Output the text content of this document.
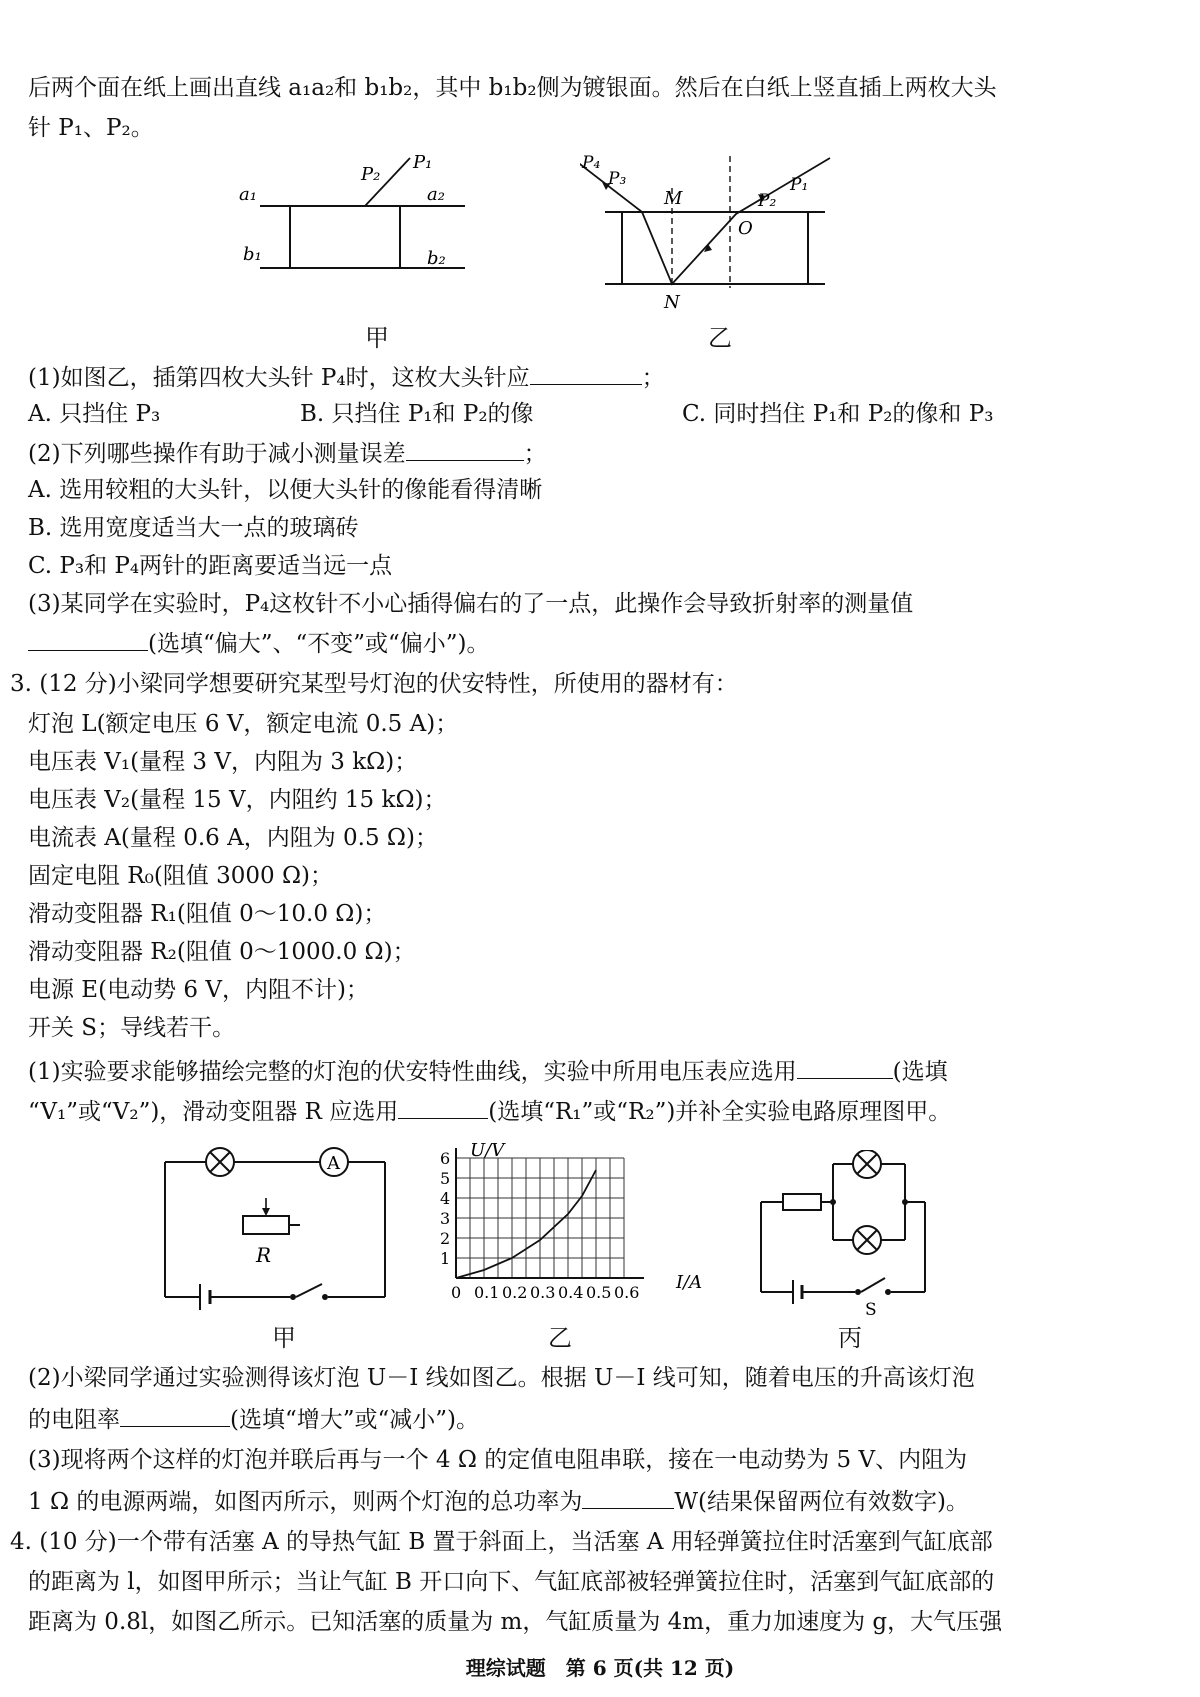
后两个面在纸上画出直线 a₁a₂和 b₁b₂，其中 b₁b₂侧为镀银面。然后在白纸上竖直插上两枚大头
针 P₁、P₂。
a₁	a₂
b₁	b₂
P₁
P₂
甲
P₁
P₂
P₃
P₄
M
O
N
乙
(1)如图乙，插第四枚大头针 P₄时，这枚大头针应	；
A. 只挡住 P₃	B. 只挡住 P₁和 P₂的像	C. 同时挡住 P₁和 P₂的像和 P₃
(2)下列哪些操作有助于减小测量误差	；
A. 选用较粗的大头针，以便大头针的像能看得清晰
B. 选用宽度适当大一点的玻璃砖
C. P₃和 P₄两针的距离要适当远一点
(3)某同学在实验时，P₄这枚针不小心插得偏右的了一点，此操作会导致折射率的测量值
(选填“偏大”、“不变”或“偏小”)。
3. (12 分)小梁同学想要研究某型号灯泡的伏安特性，所使用的器材有：
灯泡 L(额定电压 6 V，额定电流 0.5 A)；
电压表 V₁(量程 3 V，内阻为 3 kΩ)；
电压表 V₂(量程 15 V，内阻约 15 kΩ)；
电流表 A(量程 0.6 A，内阻为 0.5 Ω)；
固定电阻 R₀(阻值 3000 Ω)；
滑动变阻器 R₁(阻值 0～10.0 Ω)；
滑动变阻器 R₂(阻值 0～1000.0 Ω)；
电源 E(电动势 6 V，内阻不计)；
开关 S；导线若干。
(1)实验要求能够描绘完整的灯泡的伏安特性曲线，实验中所用电压表应选用	(选填
“V₁”或“V₂”)，滑动变阻器 R 应选用	(选填“R₁”或“R₂”)并补全实验电路原理图甲。
A
R
甲
0 0.1 0.2 0.3 0.4 0.5 0.6
1
2
3
4
5
6 U/V
I/A
乙
S
丙
(2)小梁同学通过实验测得该灯泡 U－I 线如图乙。根据 U－I 线可知，随着电压的升高该灯泡
的电阻率	(选填“增大”或“减小”)。
(3)现将两个这样的灯泡并联后再与一个 4 Ω 的定值电阻串联，接在一电动势为 5 V、内阻为
1 Ω 的电源两端，如图丙所示，则两个灯泡的总功率为	W(结果保留两位有效数字)。
4. (10 分)一个带有活塞 A 的导热气缸 B 置于斜面上，当活塞 A 用轻弹簧拉住时活塞到气缸底部
的距离为 l，如图甲所示；当让气缸 B 开口向下、气缸底部被轻弹簧拉住时，活塞到气缸底部的
距离为 0.8l，如图乙所示。已知活塞的质量为 m，气缸质量为 4m，重力加速度为 g，大气压强
理综试题　第 6 页(共 12 页)
